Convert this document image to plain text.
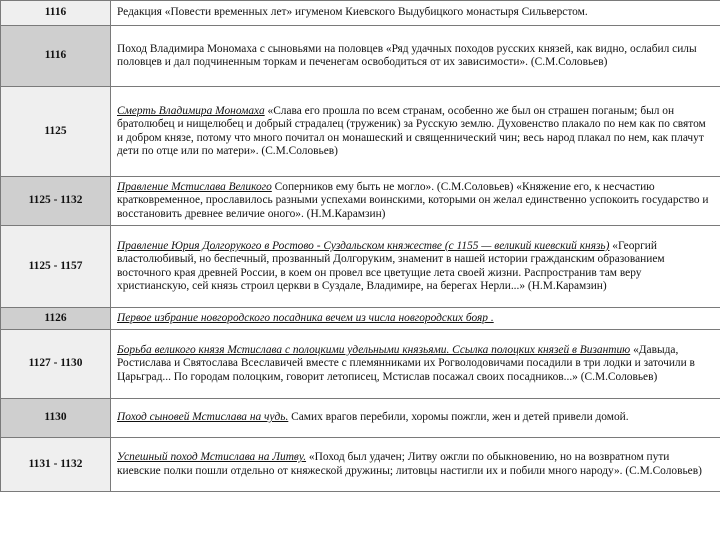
1116	Редакция «Повести временных лет» игуменом Киевского Выдубицкого монастыря Сильверстом.
1116	Поход Владимира Мономаха с сыновьями на половцев «Ряд удачных походов русских князей, как видно, ослабил силы половцев и дал подчиненным торкам и печенегам освободиться от их зависимости». (С.М.Соловьев)
1125	Смерть Владимира Мономаха «Слава его прошла по всем странам, особенно же был он страшен поганым; был он братолюбец и нищелюбец и добрый страдалец (труженик) за Русскую землю. Духовенство плакало по нем как по святом и добром князе, потому что много почитал он монашеский и священнический чин; весь народ плакал по нем, как плачут дети по отце или по матери». (С.М.Соловьев)
1125 - 1132	Правление Мстислава Великого Соперников ему быть не могло». (С.М.Соловьев) «Княжение его, к несчастию кратковременное, прославилось разными успехами воинскими, которыми он желал единственно успокоить государство и восстановить древнее величие оного». (Н.М.Карамзин)
1125 - 1157	Правление Юрия Долгорукого в Ростово - Суздальском княжестве (с 1155 — великий киевский князь) «Георгий властолюбивый, но беспечный, прозванный Долгоруким, знаменит в нашей истории гражданским образованием восточного края древней России, в коем он провел все цветущие лета своей жизни. Распространив там веру христианскую, сей князь строил церкви в Суздале, Владимире, на берегах Нерли...» (Н.М.Карамзин)
1126	Первое избрание новгородского посадника вечем из числа новгородских бояр .
1127 - 1130	Борьба великого князя Мстислава с полоцкими удельными князьями. Ссылка полоцких князей в Византию «Давыда, Ростислава и Святослава Всеславичей вместе с племянниками их Рогволодовичами посадили в три лодки и заточили в Царьград... По городам полоцким, говорит летописец, Мстислав посажал своих посадников...» (С.М.Соловьев)
1130	Поход сыновей Мстислава на чудь. Самих врагов перебили, хоромы пожгли, жен и детей привели домой.
1131 - 1132	Успешный поход Мстислава на Литву. «Поход был удачен; Литву ожгли по обыкновению, но на возвратном пути киевские полки пошли отдельно от княжеской дружины; литовцы настигли их и побили много народу». (С.М.Соловьев)
